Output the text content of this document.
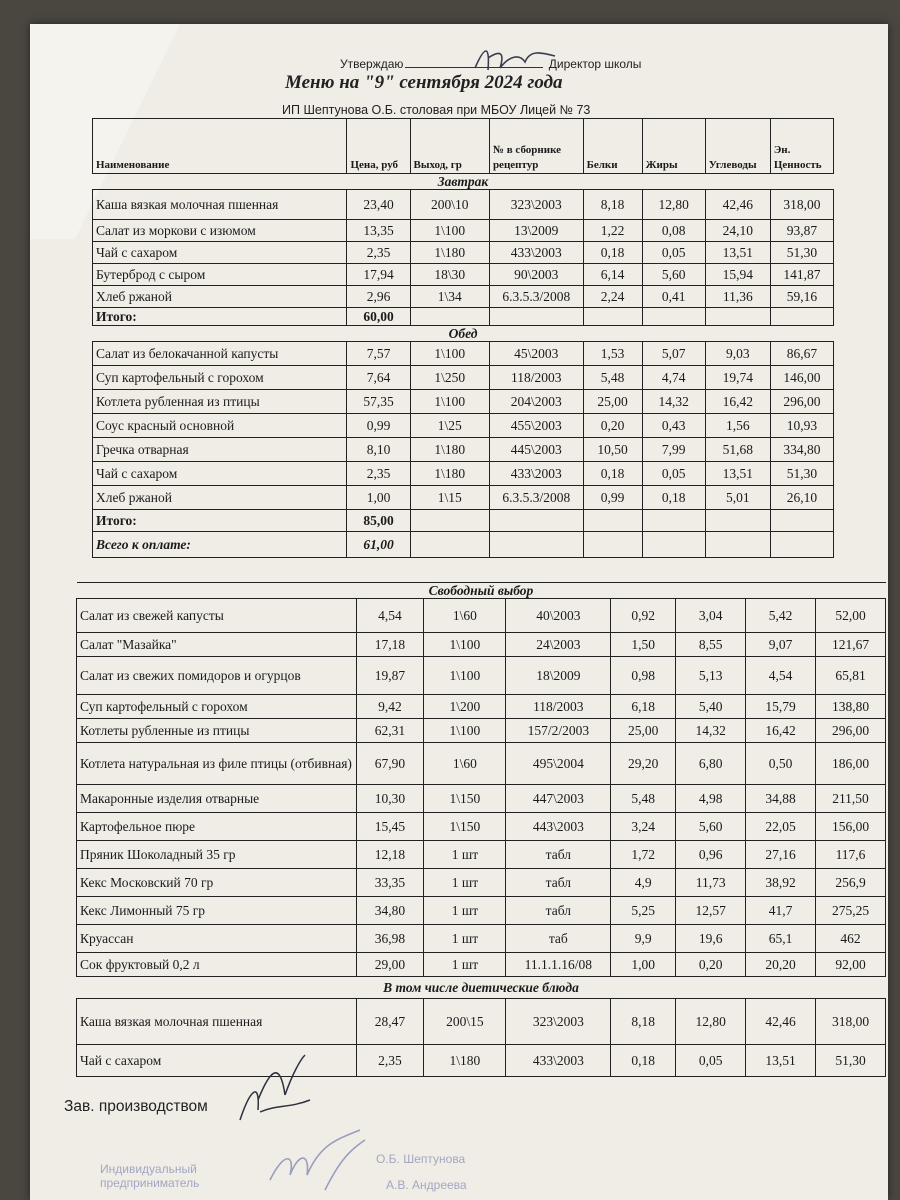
Утверждаю	Директор школы
Меню на "9" сентября 2024 года
ИП Шептунова О.Б. столовая при МБОУ Лицей № 73
Наименование	Цена, руб	Выход, гр	№ в сборнике рецептур	Белки	Жиры	Углеводы	Эн. Ценность
Завтрак							
Каша вязкая молочная пшенная	23,40	200\10	323\2003	8,18	12,80	42,46	318,00
Салат из моркови с изюмом	13,35	1\100	13\2009	1,22	0,08	24,10	93,87
Чай с сахаром	2,35	1\180	433\2003	0,18	0,05	13,51	51,30
Бутерброд с сыром	17,94	18\30	90\2003	6,14	5,60	15,94	141,87
Хлеб ржаной	2,96	1\34	6.3.5.3/2008	2,24	0,41	11,36	59,16
Итого:	60,00						
Обед							
Салат из белокачанной капусты	7,57	1\100	45\2003	1,53	5,07	9,03	86,67
Суп картофельный с горохом	7,64	1\250	118/2003	5,48	4,74	19,74	146,00
Котлета рубленная из птицы	57,35	1\100	204\2003	25,00	14,32	16,42	296,00
Соус красный основной	0,99	1\25	455\2003	0,20	0,43	1,56	10,93
Гречка отварная	8,10	1\180	445\2003	10,50	7,99	51,68	334,80
Чай с сахаром	2,35	1\180	433\2003	0,18	0,05	13,51	51,30
Хлеб ржаной	1,00	1\15	6.3.5.3/2008	0,99	0,18	5,01	26,10
Итого:	85,00						
Всего к оплате:	61,00						
Свободный выбор							
Салат из свежей капусты	4,54	1\60	40\2003	0,92	3,04	5,42	52,00
Салат "Мазайка"	17,18	1\100	24\2003	1,50	8,55	9,07	121,67
Салат из свежих помидоров и огурцов	19,87	1\100	18\2009	0,98	5,13	4,54	65,81
Суп картофельный с горохом	9,42	1\200	118/2003	6,18	5,40	15,79	138,80
Котлеты рубленные из птицы	62,31	1\100	157/2/2003	25,00	14,32	16,42	296,00
Котлета натуральная из филе птицы (отбивная)	67,90	1\60	495\2004	29,20	6,80	0,50	186,00
Макаронные изделия отварные	10,30	1\150	447\2003	5,48	4,98	34,88	211,50
Картофельное пюре	15,45	1\150	443\2003	3,24	5,60	22,05	156,00
Пряник Шоколадный 35 гр	12,18	1 шт	табл	1,72	0,96	27,16	117,6
Кекс Московский 70 гр	33,35	1 шт	табл	4,9	11,73	38,92	256,9
Кекс Лимонный 75 гр	34,80	1 шт	табл	5,25	12,57	41,7	275,25
Круассан	36,98	1 шт	таб	9,9	19,6	65,1	462
Сок фруктовый 0,2 л	29,00	1 шт	11.1.1.16/08	1,00	0,20	20,20	92,00
В том числе диетические блюда							
Каша вязкая молочная пшенная	28,47	200\15	323\2003	8,18	12,80	42,46	318,00
Чай с сахаром	2,35	1\180	433\2003	0,18	0,05	13,51	51,30
Зав. производством
Индивидуальный
предприниматель
О.Б. Шептунова
А.В. Андреева
